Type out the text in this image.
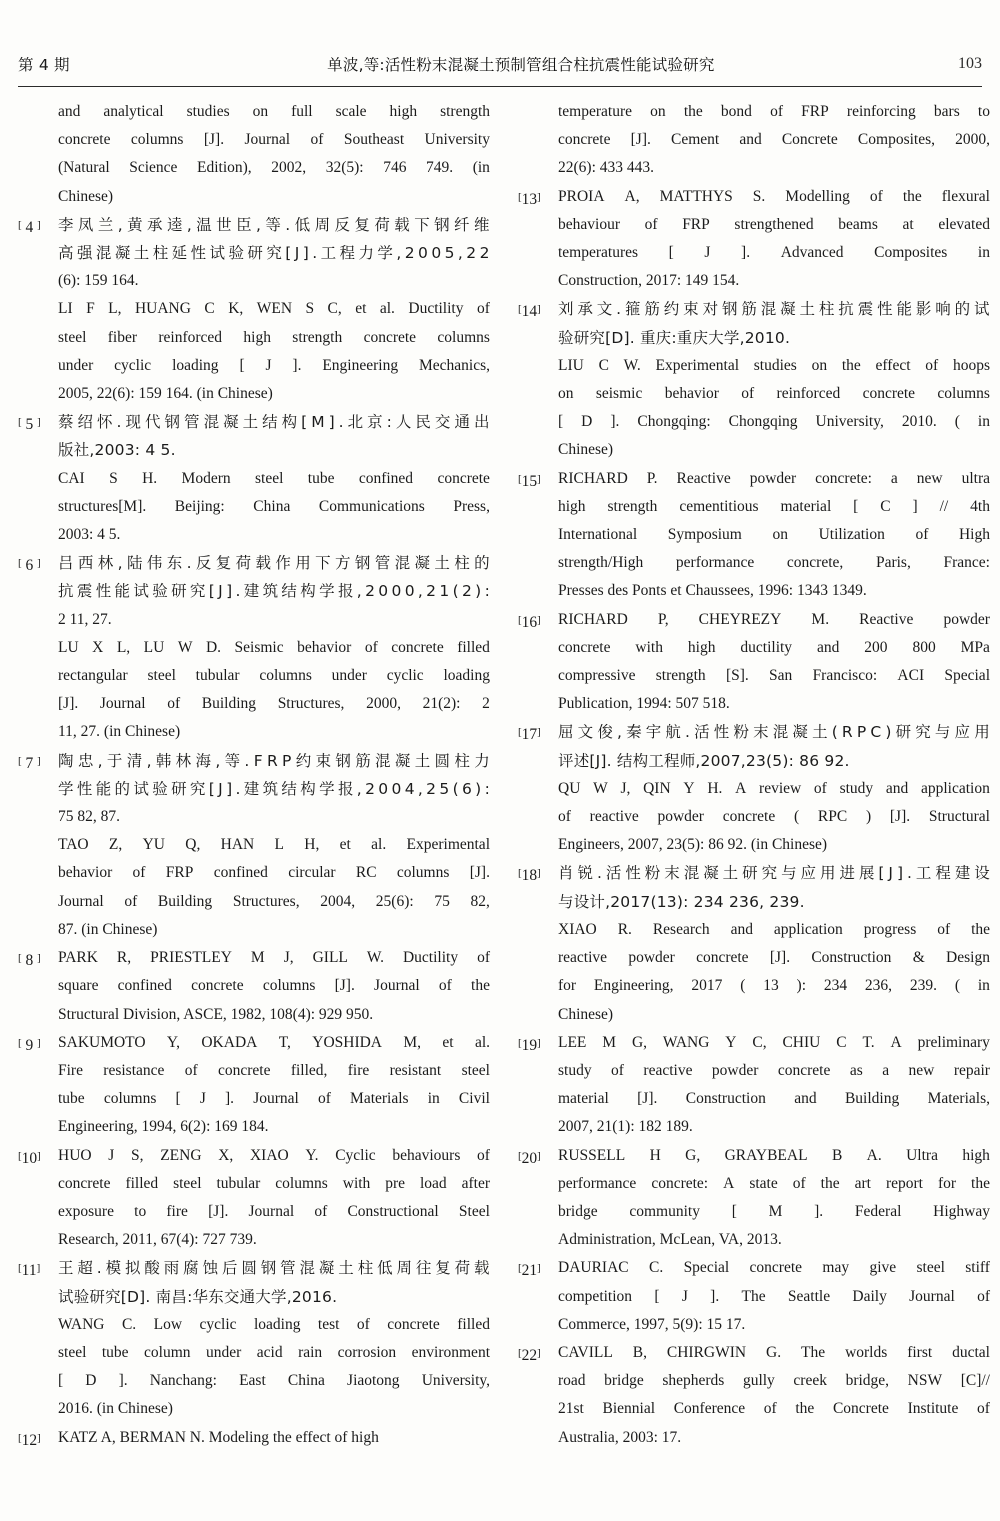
第 4 期	单波,等:活性粉末混凝土预制管组合柱抗震性能试验研究	103
and analytical studies on full scale high strength
concrete columns [J]. Journal of Southeast University
(Natural Science Edition), 2002, 32(5): 746 749. (in
Chinese)
[ 4 ]	李 凤 兰 , 黄 承 逵 , 温 世 臣 , 等 . 低 周 反 复 荷 载 下 钢 纤 维
高 强 混 凝 土 柱 延 性 试 验 研 究 [ J ] . 工 程 力 学 , 2 0 0 5 , 2 2
(6): 159 164.
LI F L, HUANG C K, WEN S C, et al. Ductility of
steel fiber reinforced high strength concrete columns
under cyclic loading [ J ]. Engineering Mechanics,
2005, 22(6): 159 164. (in Chinese)
[ 5 ]	蔡 绍 怀 . 现 代 钢 管 混 凝 土 结 构 [ M ] . 北 京 : 人 民 交 通 出
版社,2003: 4 5.
CAI S H. Modern steel tube confined concrete
structures[M]. Beijing: China Communications Press,
2003: 4 5.
[ 6 ]	吕 西 林 , 陆 伟 东 . 反 复 荷 载 作 用 下 方 钢 管 混 凝 土 柱 的
抗 震 性 能 试 验 研 究 [ J ] . 建 筑 结 构 学 报 , 2 0 0 0 , 2 1 ( 2 ) :
2 11, 27.
LU X L, LU W D. Seismic behavior of concrete filled
rectangular steel tubular columns under cyclic loading
[J]. Journal of Building Structures, 2000, 21(2): 2
11, 27. (in Chinese)
[ 7 ]	陶 忠 , 于 清 , 韩 林 海 , 等 . F R P 约 束 钢 筋 混 凝 土 圆 柱 力
学 性 能 的 试 验 研 究 [ J ] . 建 筑 结 构 学 报 , 2 0 0 4 , 2 5 ( 6 ) :
75 82, 87.
TAO Z, YU Q, HAN L H, et al. Experimental
behavior of FRP confined circular RC columns [J].
Journal of Building Structures, 2004, 25(6): 75 82,
87. (in Chinese)
[ 8 ]	PARK R, PRIESTLEY M J, GILL W. Ductility of
square confined concrete columns [J]. Journal of the
Structural Division, ASCE, 1982, 108(4): 929 950.
[ 9 ]	SAKUMOTO Y, OKADA T, YOSHIDA M, et al.
Fire resistance of concrete filled, fire resistant steel
tube columns [ J ]. Journal of Materials in Civil
Engineering, 1994, 6(2): 169 184.
[10]	HUO J S, ZENG X, XIAO Y. Cyclic behaviours of
concrete filled steel tubular columns with pre load after
exposure to fire [J]. Journal of Constructional Steel
Research, 2011, 67(4): 727 739.
[11]	王 超 . 模 拟 酸 雨 腐 蚀 后 圆 钢 管 混 凝 土 柱 低 周 往 复 荷 载
试验研究[D]. 南昌:华东交通大学,2016.
WANG C. Low cyclic loading test of concrete filled
steel tube column under acid rain corrosion environment
[ D ]. Nanchang: East China Jiaotong University,
2016. (in Chinese)
[12]	KATZ A, BERMAN N. Modeling the effect of high
temperature on the bond of FRP reinforcing bars to
concrete [J]. Cement and Concrete Composites, 2000,
22(6): 433 443.
[13]	PROIA A, MATTHYS S. Modelling of the flexural
behaviour of FRP strengthened beams at elevated
temperatures [ J ]. Advanced Composites in
Construction, 2017: 149 154.
[14]	刘 承 文 . 箍 筋 约 束 对 钢 筋 混 凝 土 柱 抗 震 性 能 影 响 的 试
验研究[D]. 重庆:重庆大学,2010.
LIU C W. Experimental studies on the effect of hoops
on seismic behavior of reinforced concrete columns
[ D ]. Chongqing: Chongqing University, 2010. ( in
Chinese)
[15]	RICHARD P. Reactive powder concrete: a new ultra
high strength cementitious material [ C ] // 4th
International Symposium on Utilization of High
strength/High performance concrete, Paris, France:
Presses des Ponts et Chaussees, 1996: 1343 1349.
[16]	RICHARD P, CHEYREZY M. Reactive powder
concrete with high ductility and 200 800 MPa
compressive strength [S]. San Francisco: ACI Special
Publication, 1994: 507 518.
[17]	屈 文 俊 , 秦 宇 航 . 活 性 粉 末 混 凝 土 ( R P C ) 研 究 与 应 用
评述[J]. 结构工程师,2007,23(5): 86 92.
QU W J, QIN Y H. A review of study and application
of reactive powder concrete ( RPC ) [J]. Structural
Engineers, 2007, 23(5): 86 92. (in Chinese)
[18]	肖 锐 . 活 性 粉 末 混 凝 土 研 究 与 应 用 进 展 [ J ] . 工 程 建 设
与设计,2017(13): 234 236, 239.
XIAO R. Research and application progress of the
reactive powder concrete [J]. Construction & Design
for Engineering, 2017 ( 13 ): 234 236, 239. ( in
Chinese)
[19]	LEE M G, WANG Y C, CHIU C T. A preliminary
study of reactive powder concrete as a new repair
material [J]. Construction and Building Materials,
2007, 21(1): 182 189.
[20]	RUSSELL H G, GRAYBEAL B A. Ultra high
performance concrete: A state of the art report for the
bridge community [ M ]. Federal Highway
Administration, McLean, VA, 2013.
[21]	DAURIAC C. Special concrete may give steel stiff
competition [ J ]. The Seattle Daily Journal of
Commerce, 1997, 5(9): 15 17.
[22]	CAVILL B, CHIRGWIN G. The worlds first ductal
road bridge shepherds gully creek bridge, NSW [C]//
21st Biennial Conference of the Concrete Institute of
Australia, 2003: 17.
